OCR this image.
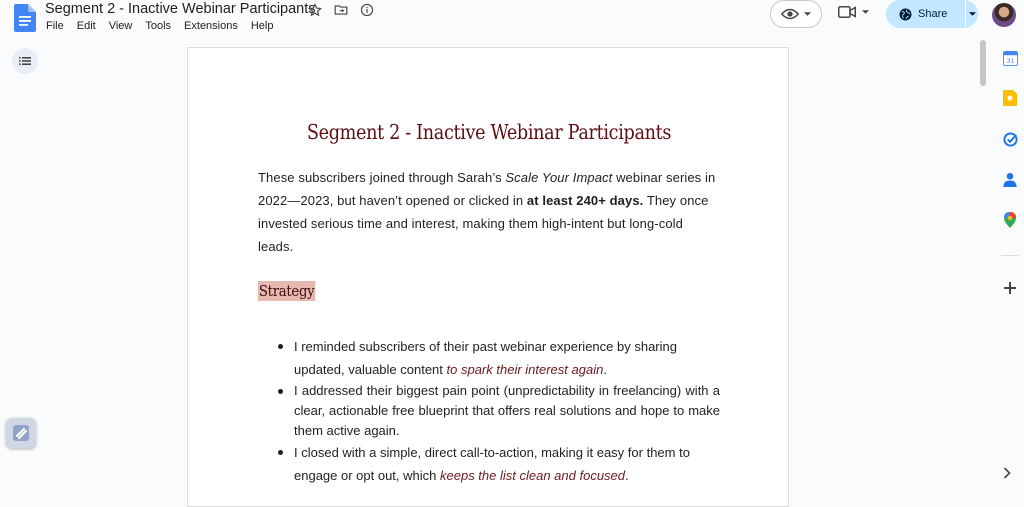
Segment 2 - Inactive Webinar Participants
File Edit View Tools Extensions Help
Share
Segment 2 - Inactive Webinar Participants
These subscribers joined through Sarah’s Scale Your Impact webinar series in 2022—2023, but haven’t opened or clicked in at least 240+ days. They once invested serious time and interest, making them high-intent but long-cold leads.
Strategy
I reminded subscribers of their past webinar experience by sharing updated, valuable content to spark their interest again.
I addressed their biggest pain point (unpredictability in freelancing) with a clear, actionable free blueprint that offers real solutions and hope to make them active again.
I closed with a simple, direct call-to-action, making it easy for them to engage or opt out, which keeps the list clean and focused.
31
